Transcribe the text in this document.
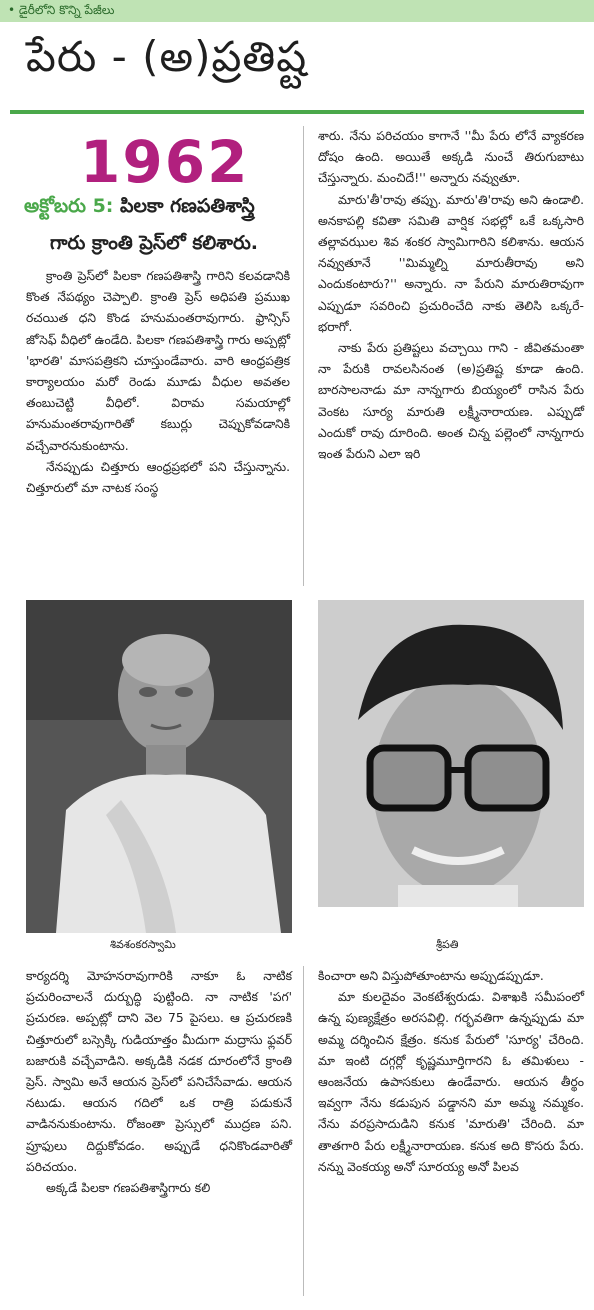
• డైరీలోని కొన్ని పేజీలు
పేరు - (అ)ప్రతిష్ట
1962
అక్టోబరు 5: పిలకా గణపతిశాస్త్రి
గారు క్రాంతి ప్రెస్‌లో కలిశారు.

క్రాంతి ప్రెస్‌లో పిలకా గణపతిశాస్త్రి గారిని కలవడానికి కొంత నేపథ్యం చెప్పాలి. క్రాంతి ప్రెస్ అధిపతి ప్రముఖ రచయిత ధని కొండ హనుమంతరావుగారు. ఫ్రాన్సిస్ జోసెఫ్ వీధిలో ఉండేది. పిలకా గణపతిశాస్త్రి గారు అప్పట్లో 'భారతి' మాసపత్రికని చూస్తుండేవారు. వారి ఆంధ్రపత్రిక కార్యాలయం మరో రెండు మూడు వీధుల అవతల తంబుచెట్టి వీధిలో. విరామ సమయాల్లో హనుమంతరావుగారితో కబుర్లు చెప్పుకోవడానికి వచ్చేవారనుకుంటాను.

నేనప్పుడు చిత్తూరు ఆంధ్రప్రభలో పని చేస్తున్నాను. చిత్తూరులో మా నాటక సంస్థ

శారు. నేను పరిచయం కాగానే ''మీ పేరు లోనే వ్యాకరణ దోషం ఉంది. అయితే అక్కడి నుంచే తిరుగుబాటు చేస్తున్నారు. మంచిదే!'' అన్నారు నవ్వుతూ.

మారు'తీ'రావు తప్పు. మారు'తి'రావు అని ఉండాలి. అనకాపల్లి కవితా సమితి వార్షిక సభల్లో ఒకే ఒక్కసారి తల్లావఝుల శివ శంకర స్వామిగారిని కలిశాను. ఆయన నవ్వుతూనే ''మిమ్మల్ని మారుతీరావు అని ఎందుకంటారు?'' అన్నారు. నా పేరుని మారుతిరావుగా ఎప్పుడూ సవరించి ప్రచురించేది నాకు తెలిసి ఒక్కరే-భరాగో.

నాకు పేరు ప్రతిష్టలు వచ్చాయి గాని - జీవితమంతా నా పేరుకి రావలసినంత (అ)ప్రతిష్ట కూడా ఉంది. బారసాలనాడు మా నాన్నగారు బియ్యంలో రాసిన పేరు వెంకట సూర్య మారుతి లక్ష్మీనారాయణ. ఎప్పుడో ఎందుకో రావు దూరింది. అంత చిన్న పల్లెంలో నాన్నగారు ఇంత పేరుని ఎలా ఇరి

శివశంకరస్వామి	శ్రీపతి

కార్యదర్శి మోహనరావుగారికి నాకూ ఓ నాటిక ప్రచురించాలనే దుర్బుద్ధి పుట్టింది. నా నాటిక 'పగ' ప్రచురణ. అప్పట్లో దాని వెల 75 పైసలు. ఆ ప్రచురణకి చిత్తూరులో బస్సెక్కి గుడియాత్తం మీదుగా మద్రాసు ఫ్లవర్ బజారుకి వచ్చేవాడిని. అక్కడికి నడక దూరంలోనే క్రాంతి ప్రెస్. స్వామి అనే ఆయన ప్రెస్‌లో పనిచేసేవాడు. ఆయన నటుడు. ఆయన గదిలో ఒక రాత్రి పడుకునే వాడిననుకుంటాను. రోజంతా ప్రెస్సులో ముద్రణ పని. ప్రూఫులు దిద్దుకోవడం. అప్పుడే ధనికొండవారితో పరిచయం.

అక్కడే పిలకా గణపతిశాస్త్రిగారు కలి

కించారా అని విస్తుపోతూంటాను అప్పుడప్పుడూ.

మా కులదైవం వెంకటేశ్వరుడు. విశాఖకి సమీపంలో ఉన్న పుణ్యక్షేత్రం అరసవిల్లి. గర్భవతిగా ఉన్నప్పుడు మా అమ్మ దర్శించిన క్షేత్రం. కనుక పేరులో 'సూర్య' చేరింది. మా ఇంటి దగ్గర్లో కృష్ణమూర్తిగారని ఓ తమిళులు - ఆంజనేయ ఉపాసకులు ఉండేవారు. ఆయన తీర్థం ఇవ్వగా నేను కడుపున పడ్డానని మా అమ్మ నమ్మకం. నేను వరప్రసాదుడిని కనుక 'మారుతి' చేరింది. మా తాతగారి పేరు లక్ష్మీనారాయణ. కనుక అది కొసరు పేరు. నన్ను వెంకయ్య అనో సూరయ్య అనో పిలవ
